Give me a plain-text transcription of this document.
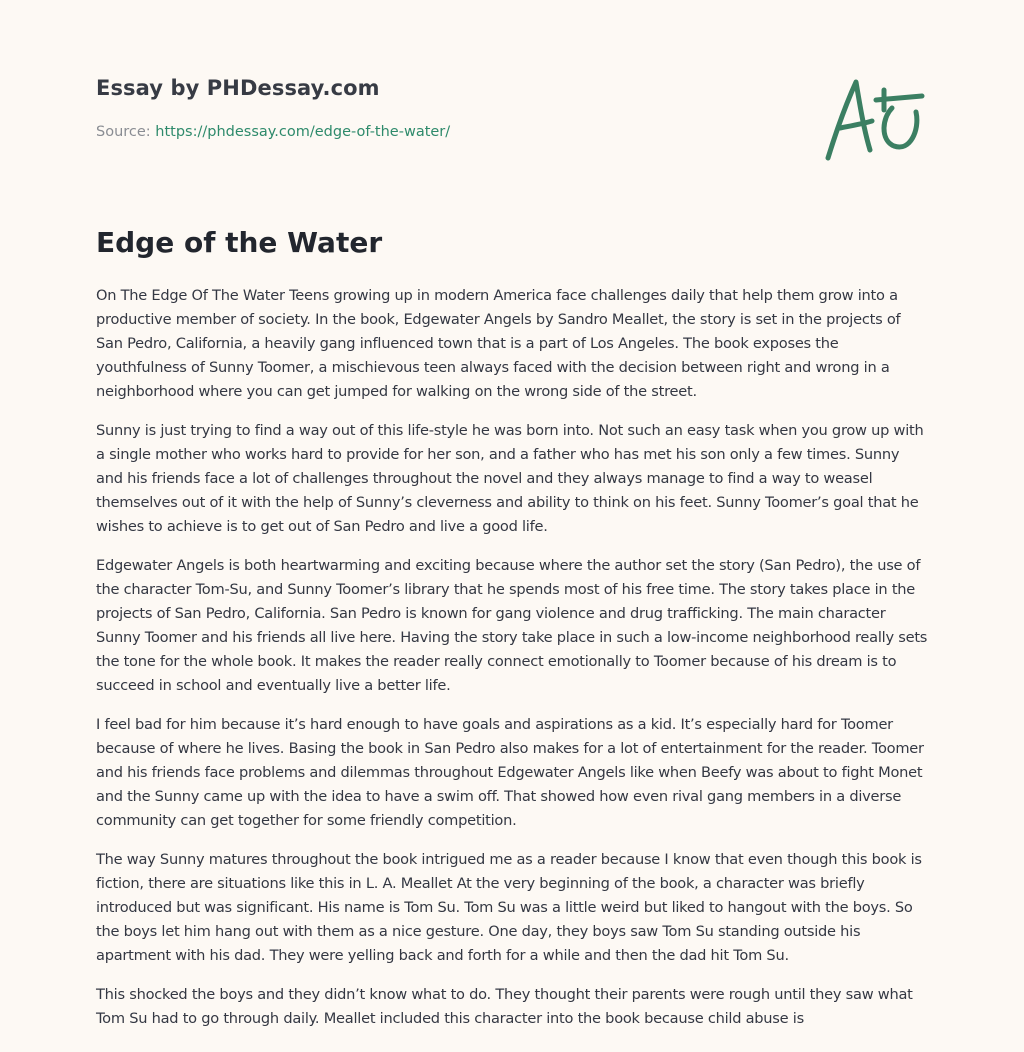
Essay by PHDessay.com
Source: https://phdessay.com/edge-of-the-water/
Edge of the Water

On The Edge Of The Water Teens growing up in modern America face challenges daily that help them grow into a productive member of society. In the book, Edgewater Angels by Sandro Meallet, the story is set in the projects of San Pedro, California, a heavily gang influenced town that is a part of Los Angeles. The book exposes the youthfulness of Sunny Toomer, a mischievous teen always faced with the decision between right and wrong in a neighborhood where you can get jumped for walking on the wrong side of the street.

Sunny is just trying to find a way out of this life-style he was born into. Not such an easy task when you grow up with a single mother who works hard to provide for her son, and a father who has met his son only a few times. Sunny and his friends face a lot of challenges throughout the novel and they always manage to find a way to weasel themselves out of it with the help of Sunny’s cleverness and ability to think on his feet. Sunny Toomer’s goal that he wishes to achieve is to get out of San Pedro and live a good life.

Edgewater Angels is both heartwarming and exciting because where the author set the story (San Pedro), the use of the character Tom-Su, and Sunny Toomer’s library that he spends most of his free time. The story takes place in the projects of San Pedro, California. San Pedro is known for gang violence and drug trafficking. The main character Sunny Toomer and his friends all live here. Having the story take place in such a low-income neighborhood really sets the tone for the whole book. It makes the reader really connect emotionally to Toomer because of his dream is to succeed in school and eventually live a better life.

I feel bad for him because it’s hard enough to have goals and aspirations as a kid. It’s especially hard for Toomer because of where he lives. Basing the book in San Pedro also makes for a lot of entertainment for the reader. Toomer and his friends face problems and dilemmas throughout Edgewater Angels like when Beefy was about to fight Monet and the Sunny came up with the idea to have a swim off. That showed how even rival gang members in a diverse community can get together for some friendly competition.

The way Sunny matures throughout the book intrigued me as a reader because I know that even though this book is fiction, there are situations like this in L. A. Meallet At the very beginning of the book, a character was briefly introduced but was significant. His name is Tom Su. Tom Su was a little weird but liked to hangout with the boys. So the boys let him hang out with them as a nice gesture. One day, they boys saw Tom Su standing outside his apartment with his dad. They were yelling back and forth for a while and then the dad hit Tom Su.

This shocked the boys and they didn’t know what to do. They thought their parents were rough until they saw what Tom Su had to go through daily. Meallet included this character into the book because child abuse is
